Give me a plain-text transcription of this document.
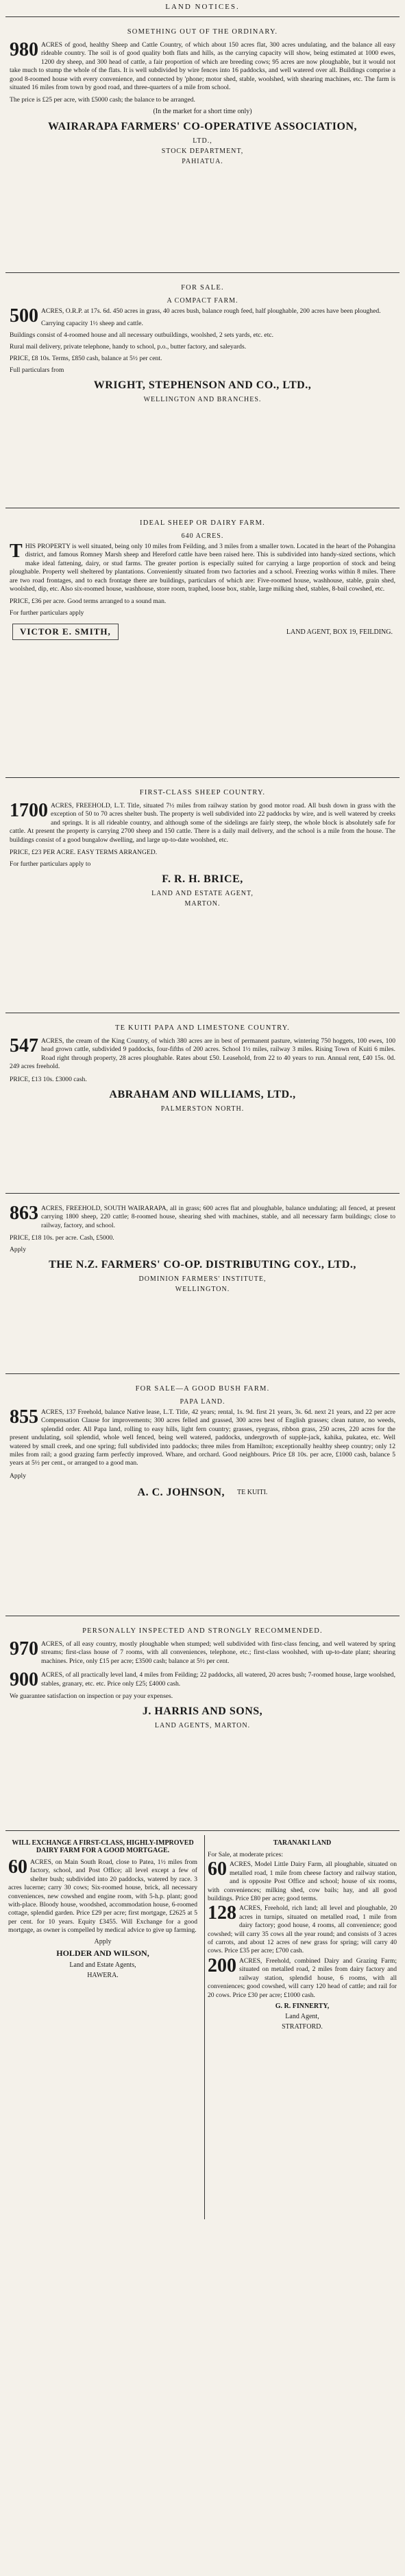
LAND NOTICES.
SOMETHING OUT OF THE ORDINARY.
980 ACRES of good, healthy Sheep and Cattle Country, of which about 150 acres flat, 300 acres undulating, and the balance all easy rideable country. The soil is of good quality both flats and hills, as the carrying capacity will show, being estimated at 1000 ewes, 1200 dry sheep, and 300 head of cattle, a fair proportion of which are breeding cows; 95 acres are now ploughable, but it would not take much to stump the whole of the flats. It is well subdivided by wire fences into 16 paddocks, and well watered over all. Buildings comprise a good 8-roomed house with every convenience, and connected by 'phone; motor shed, stable, woolshed, with shearing machines, etc. The farm is situated 16 miles from town by good road, and three-quarters of a mile from school.
The price is £25 per acre, with £5000 cash; the balance to be arranged.
(In the market for a short time only)
WAIRARAPA FARMERS' CO-OPERATIVE ASSOCIATION,
LTD.,
STOCK DEPARTMENT,
PAHIATUA.
FOR SALE.
A COMPACT FARM.
500 ACRES, O.R.P. at 17s. 6d. 450 acres in grass, 40 acres bush, balance rough feed, half ploughable, 200 acres have been ploughed.
Carrying capacity 1½ sheep and cattle.
Buildings consist of 4-roomed house and all necessary outbuildings, woolshed, 2 sets yards, etc. etc.
Rural mail delivery, private telephone, handy to school, p.o., butter factory, and saleyards.
PRICE, £8 10s. Terms, £850 cash, balance at 5½ per cent.
Full particulars from
WRIGHT, STEPHENSON AND CO., LTD.,
WELLINGTON AND BRANCHES.
IDEAL SHEEP OR DAIRY FARM.
640 ACRES.
THIS PROPERTY is well situated, being only 10 miles from Feilding, and 3 miles from a smaller town. Located in the heart of the Pohangina district, and famous Romney Marsh sheep and Hereford cattle have been raised here. This is subdivided into handy-sized sections, which make ideal fattening, dairy, or stud farms. The greater portion is especially suited for carrying a large proportion of stock and being ploughable. Property well sheltered by plantations. Conveniently situated from two factories and a school. Freezing works within 8 miles. There are two road frontages, and to each frontage there are buildings, particulars of which are: Five-roomed house, washhouse, stable, grain shed, woolshed, dip, etc. Also six-roomed house, washhouse, store room, traphed, loose box, stable, large milking shed, stables, 8-bail cowshed, etc.
PRICE, £36 per acre. Good terms arranged to a sound man.
For further particulars apply
VICTOR E. SMITH,	LAND AGENT, BOX 19, FEILDING.
FIRST-CLASS SHEEP COUNTRY.
1700 ACRES, FREEHOLD, L.T. Title, situated 7½ miles from railway station by good motor road. All bush down in grass with the exception of 50 to 70 acres shelter bush. The property is well subdivided into 22 paddocks by wire, and is well watered by creeks and springs. It is all rideable country, and although some of the sidelings are fairly steep, the whole block is absolutely safe for cattle. At present the property is carrying 2700 sheep and 150 cattle. There is a daily mail delivery, and the school is a mile from the house. The buildings consist of a good bungalow dwelling, and large up-to-date woolshed, etc.
PRICE, £23 PER ACRE. EASY TERMS ARRANGED.
For further particulars apply to
F. R. H. BRICE,
LAND AND ESTATE AGENT,
MARTON.
TE KUITI PAPA AND LIMESTONE COUNTRY.
547 ACRES, the cream of the King Country, of which 380 acres are in best of permanent pasture, wintering 750 hoggets, 100 ewes, 100 head grown cattle, subdivided 9 paddocks, four-fifths of 200 acres. School 1½ miles, railway 3 miles. Rising Town of Kuiti 6 miles. Road right through property, 28 acres ploughable. Rates about £50. Leasehold, from 22 to 40 years to run. Annual rent, £40 15s. 0d. 249 acres freehold.
PRICE, £13 10s. £3000 cash.
ABRAHAM AND WILLIAMS, LTD.,
PALMERSTON NORTH.
863 ACRES, FREEHOLD, SOUTH WAIRARAPA, all in grass; 600 acres flat and ploughable, balance undulating; all fenced, at present carrying 1800 sheep, 220 cattle; 8-roomed house, shearing shed with machines, stable, and all necessary farm buildings; close to railway, factory, and school.
PRICE, £18 10s. per acre. Cash, £5000.
Apply
THE N.Z. FARMERS' CO-OP. DISTRIBUTING COY., LTD.,
DOMINION FARMERS' INSTITUTE,
WELLINGTON.
FOR SALE—A GOOD BUSH FARM.
PAPA LAND.
855 ACRES, 137 Freehold, balance Native lease, L.T. Title, 42 years; rental, 1s. 9d. first 21 years, 3s. 6d. next 21 years, and 22 per acre Compensation Clause for improvements; 300 acres felled and grassed, 300 acres best of English grasses; clean nature, no weeds, splendid order. All Papa land, rolling to easy hills, light fern country; grasses, ryegrass, ribbon grass, 250 acres, 220 acres for the present undulating, soil splendid, whole well fenced, being well watered, paddocks, undergrowth of supple-jack, kahika, pukatea, etc. Well watered by small creek, and one spring; full subdivided into paddocks; three miles from Hamilton; exceptionally healthy sheep country; only 12 miles from rail; a good grazing farm perfectly improved. Whare, and orchard. Good neighbours. Price £8 10s. per acre, £1000 cash, balance 5 years at 5½ per cent., or arranged to a good man.
Apply
A. C. JOHNSON, TE KUITI.
PERSONALLY INSPECTED AND STRONGLY RECOMMENDED.
970 ACRES, of all easy country, mostly ploughable when stumped; well subdivided with first-class fencing, and well watered by spring streams; first-class house of 7 rooms, with all conveniences, telephone, etc.; first-class woolshed, with up-to-date plant; shearing machines. Price, only £15 per acre; £3500 cash; balance at 5½ per cent.
900 ACRES, of all practically level land, 4 miles from Feilding; 22 paddocks, all watered, 20 acres bush; 7-roomed house, large woolshed, stables, granary, etc. etc. Price only £25; £4000 cash.
We guarantee satisfaction on inspection or pay your expenses.
J. HARRIS AND SONS,
LAND AGENTS, MARTON.
WILL EXCHANGE A FIRST-CLASS, HIGHLY-IMPROVED DAIRY FARM FOR A GOOD MORTGAGE.
60 ACRES, on Main South Road, close to Patea, 1½ miles from factory, school, and Post Office; all level except a few of shelter bush; subdivided into 20 paddocks, watered by race. 3 acres lucerne; carry 30 cows; Six-roomed house, brick, all necessary conveniences, new cowshed and engine room, with 5-h.p. plant; good with-place. Bloody house, woodshed, accommodation house, 6-roomed cottage, splendid garden. Price £29 per acre; first mortgage, £2625 at 5 per cent. for 10 years. Equity £3455. Will Exchange for a good mortgage, as owner is compelled by medical advice to give up farming.
Apply
HOLDER AND WILSON,
Land and Estate Agents,
HAWERA.
TARANAKI LAND
For Sale, at moderate prices:
60 ACRES, Model Little Dairy Farm, all ploughable, situated on metalled road, 1 mile from cheese factory and railway station, and is opposite Post Office and school; house of six rooms, with conveniences; milking shed, cow bails; hay, and all good buildings. Price £80 per acre; good terms.
128 ACRES, Freehold, rich land; all level and ploughable, 20 acres in turnips, situated on metalled road, 1 mile from dairy factory; good house, 4 rooms, all convenience; good cowshed; will carry 35 cows all the year round; and consists of 3 acres of carrots, and about 12 acres of new grass for spring; will carry 40 cows. Price £35 per acre; £700 cash.
200 ACRES, Freehold, combined Dairy and Grazing Farm; situated on metalled road, 2 miles from dairy factory and railway station, splendid house, 6 rooms, with all conveniences; good cowshed, will carry 120 head of cattle; and rail for 20 cows. Price £30 per acre; £1000 cash.
G. R. FINNERTY,
Land Agent,
STRATFORD.
